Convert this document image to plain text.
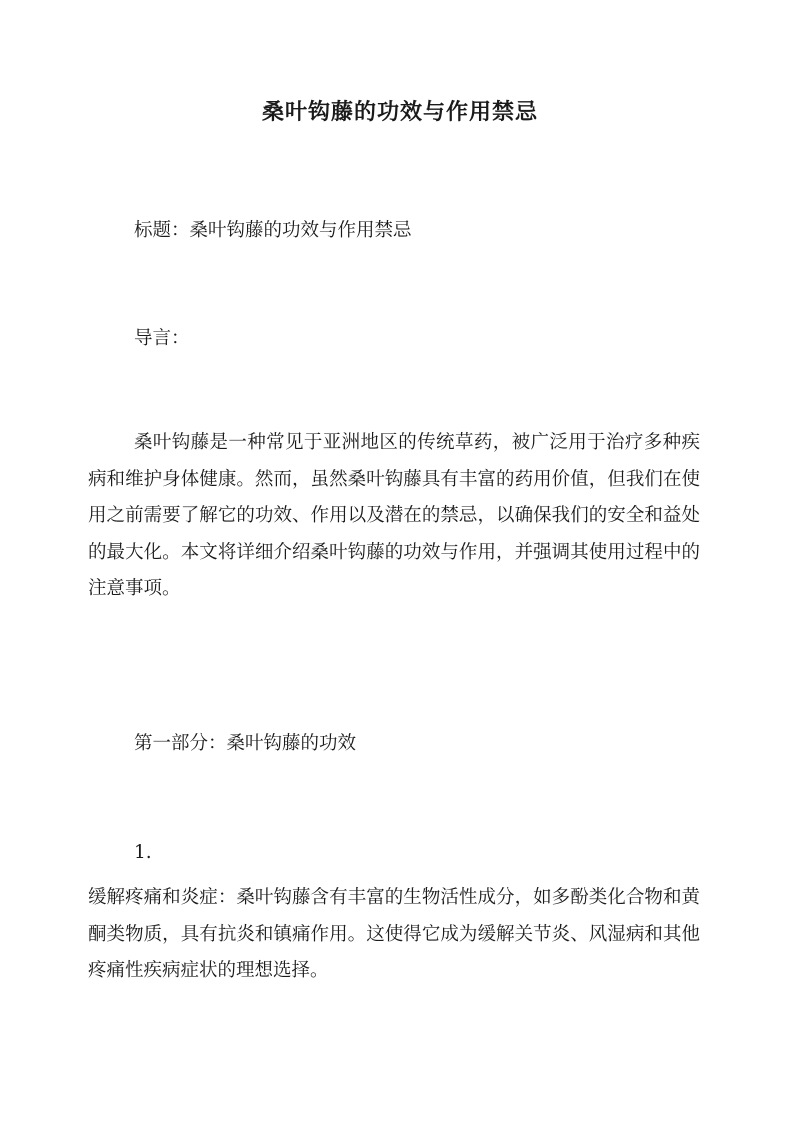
桑叶钩藤的功效与作用禁忌
标题：桑叶钩藤的功效与作用禁忌
导言：
桑叶钩藤是一种常见于亚洲地区的传统草药，被广泛用于治疗多种疾病和维护身体健康。然而，虽然桑叶钩藤具有丰富的药用价值，但我们在使用之前需要了解它的功效、作用以及潜在的禁忌，以确保我们的安全和益处的最大化。本文将详细介绍桑叶钩藤的功效与作用，并强调其使用过程中的注意事项。
第一部分：桑叶钩藤的功效
1.
缓解疼痛和炎症：桑叶钩藤含有丰富的生物活性成分，如多酚类化合物和黄酮类物质，具有抗炎和镇痛作用。这使得它成为缓解关节炎、风湿病和其他疼痛性疾病症状的理想选择。
